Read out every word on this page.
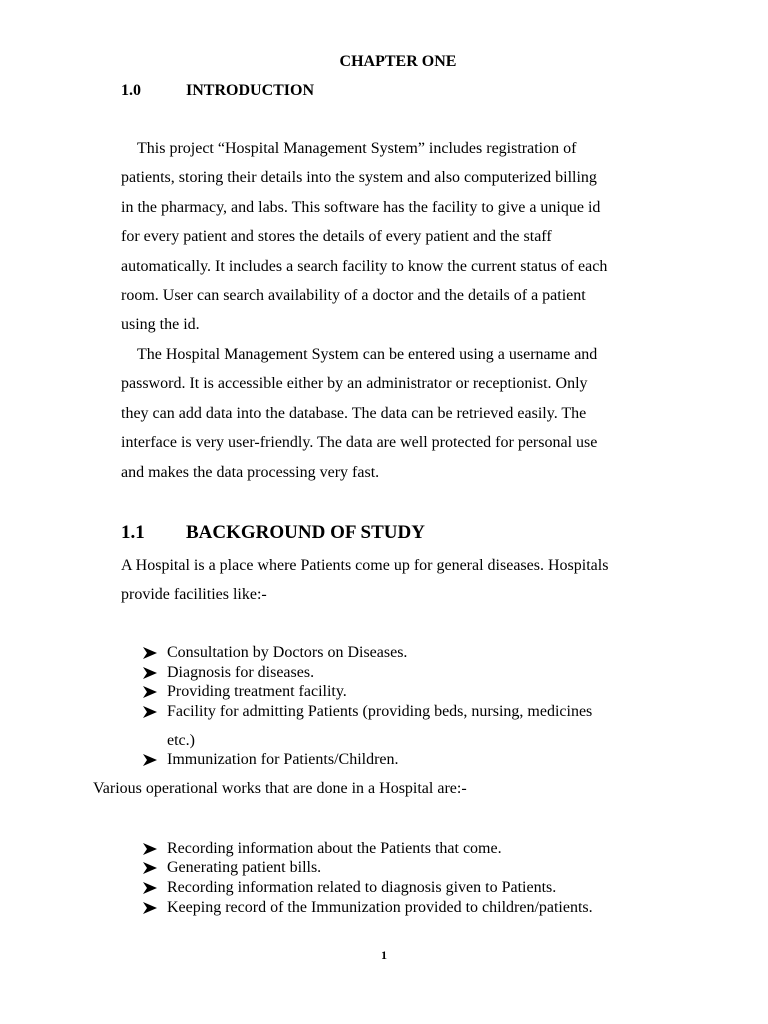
CHAPTER ONE
1.0	INTRODUCTION
 This project “Hospital Management System” includes registration of
patients, storing their details into the system and also computerized billing
in the pharmacy, and labs. This software has the facility to give a unique id
for every patient and stores the details of every patient and the staff
automatically. It includes a search facility to know the current status of each
room. User can search availability of a doctor and the details of a patient
using the id.
 The Hospital Management System can be entered using a username and
password. It is accessible either by an administrator or receptionist. Only
they can add data into the database. The data can be retrieved easily. The
interface is very user-friendly. The data are well protected for personal use
and makes the data processing very fast.
1.1 BACKGROUND OF STUDY
A Hospital is a place where Patients come up for general diseases. Hospitals
provide facilities like:-
Consultation by Doctors on Diseases.
Diagnosis for diseases.
Providing treatment facility.
Facility for admitting Patients (providing beds, nursing, medicines
etc.)
Immunization for Patients/Children.
Various operational works that are done in a Hospital are:-
Recording information about the Patients that come.
Generating patient bills.
Recording information related to diagnosis given to Patients.
Keeping record of the Immunization provided to children/patients.
1
